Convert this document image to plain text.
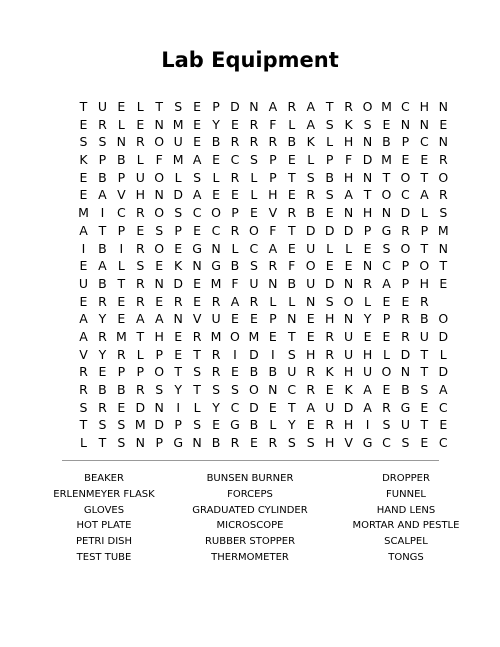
Lab Equipment
T U E L T S E P D N A R A T R O M C H N
E R L E N M E Y E R F L A S K S E N N E
S S N R O U E B R R R B K L H N B P C N
K P B L F M A E C S P E L P F D M E E R
E B P U O L S L R L P T S B H N T O T O
E A V H N D A E E L H E R S A T O C A R
M I	C R O S C O P E V R B E N H N D L S
A T P E S P E C R O F T D D D P G R P M
I	B	I	R O E G N L C A E U L L E S O T N
E A L S E K N G B S R F O E E N C P O T
U B T R N D E M F U N B U D N R A P H E
E R E R E R E R A R L L N S O L E E R
A Y E A A N V U E E P N E H N Y P R B O
A R M T H E R M O M E T E R U E E R U D
V Y R L P E T R	I D I	S H R U H L D T L
R E P P O T S R E B B U R K H U O N T D
R B B R S Y T S S O N C R E K A E B S A
S R E D N I	L Y C D E T A U D A R G E C
T S S M D P S E G B L Y E R H I	S U T E
L T S N P G N B R E R S S H V G C S E C
BEAKER	BUNSEN BURNER	DROPPER
ERLENMEYER FLASK	FORCEPS	FUNNEL
GLOVES	GRADUATED CYLINDER	HAND LENS
HOT PLATE	MICROSCOPE	MORTAR AND PESTLE
PETRI DISH	RUBBER STOPPER	SCALPEL
TEST TUBE	THERMOMETER	TONGS
